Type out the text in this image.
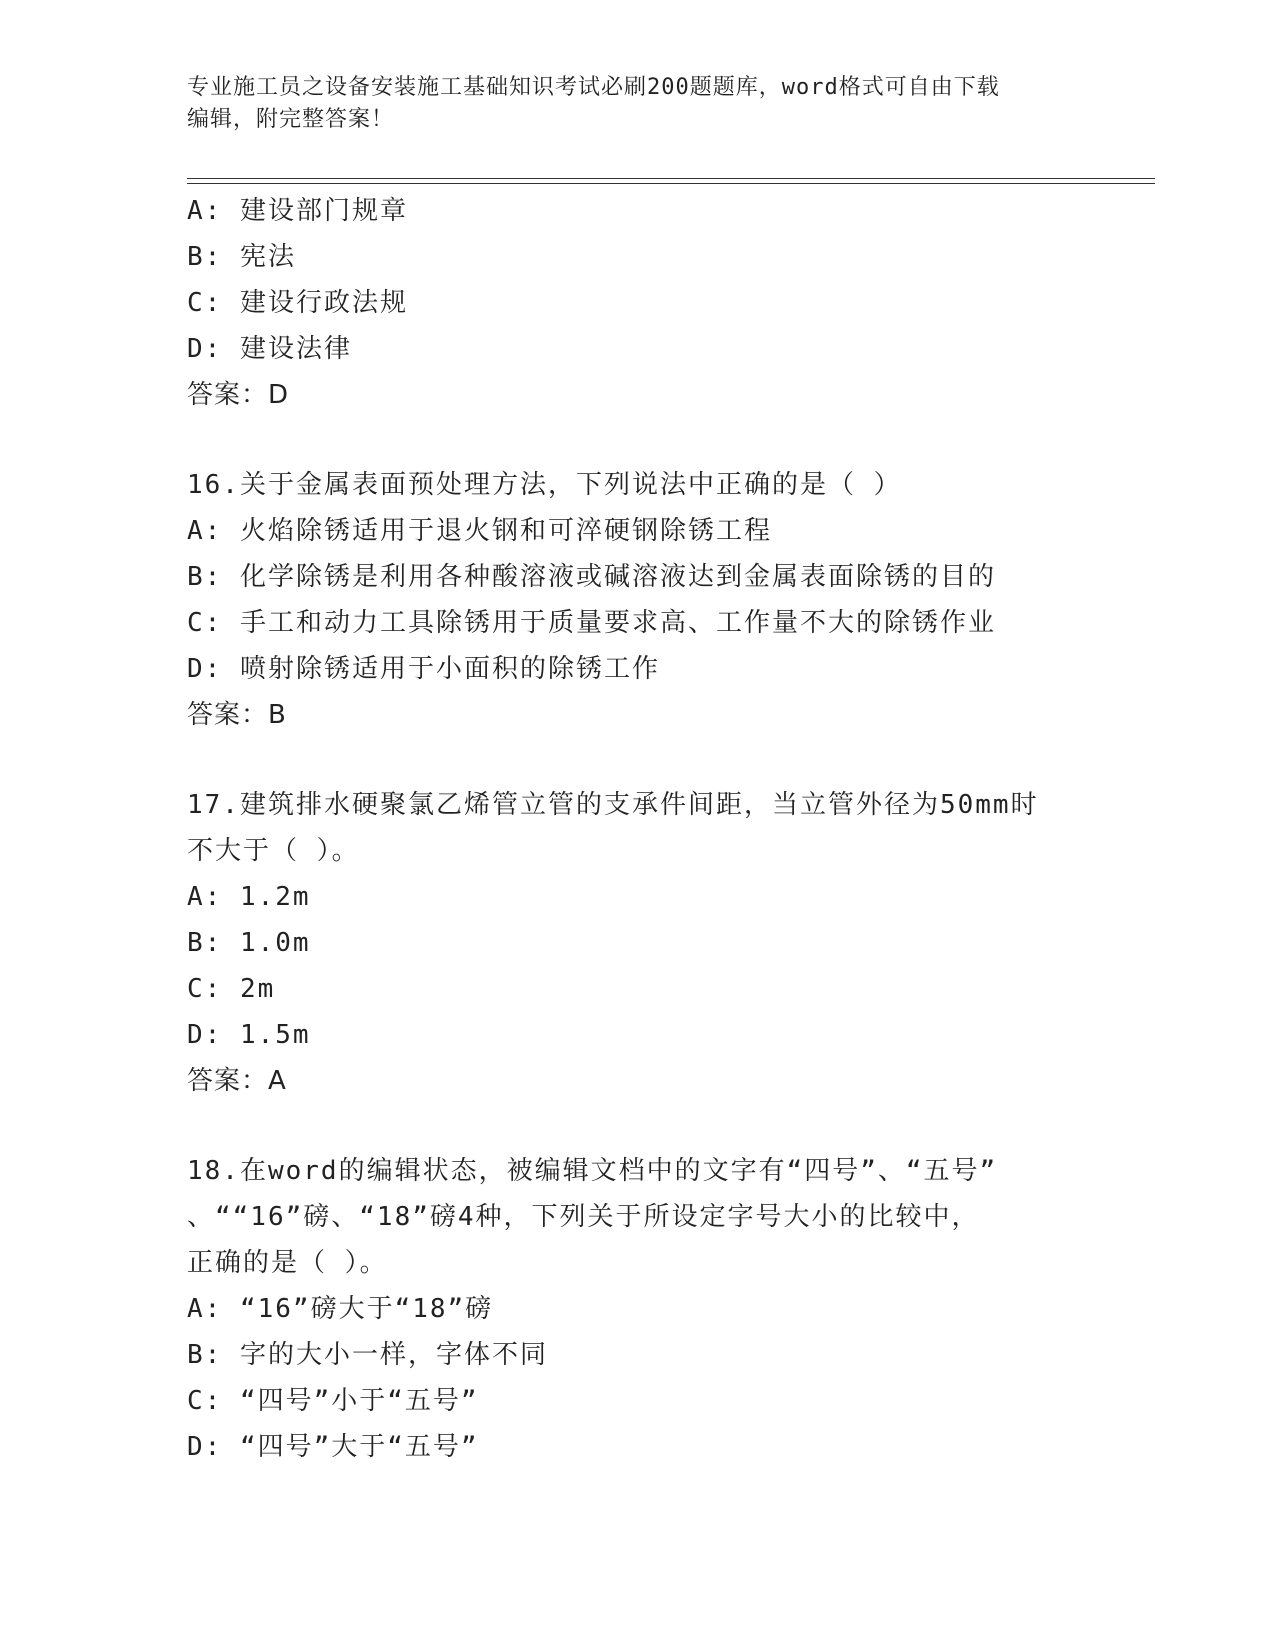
专业施工员之设备安装施工基础知识考试必刷200题题库，word格式可自由下载
编辑，附完整答案！
A: 建设部门规章
B: 宪法
C: 建设行政法规
D: 建设法律
答案：D
16.关于金属表面预处理方法，下列说法中正确的是（ ）
A: 火焰除锈适用于退火钢和可淬硬钢除锈工程
B: 化学除锈是利用各种酸溶液或碱溶液达到金属表面除锈的目的
C: 手工和动力工具除锈用于质量要求高、工作量不大的除锈作业
D: 喷射除锈适用于小面积的除锈工作
答案：B
17.建筑排水硬聚氯乙烯管立管的支承件间距，当立管外径为50mm时
不大于（ ）。
A: 1.2m
B: 1.0m
C: 2m
D: 1.5m
答案：A
18.在word的编辑状态，被编辑文档中的文字有“四号”、“五号”
、““16”磅、“18”磅4种，下列关于所设定字号大小的比较中，
正确的是（ ）。
A: “16”磅大于“18”磅
B: 字的大小一样，字体不同
C: “四号”小于“五号”
D: “四号”大于“五号”
